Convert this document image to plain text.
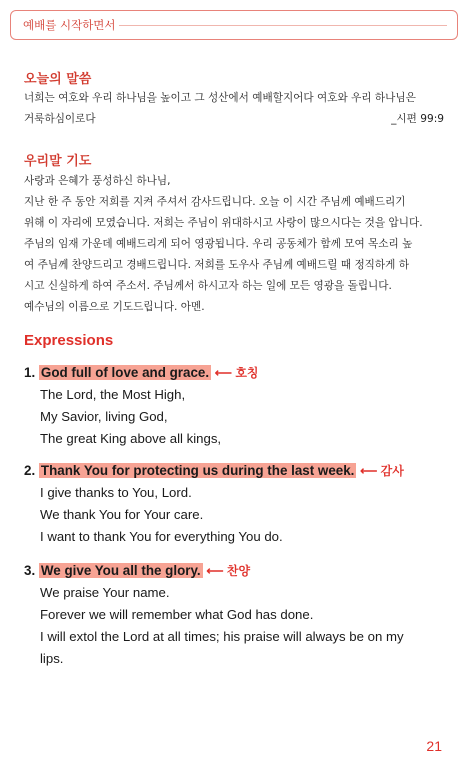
예배를 시작하면서
오늘의 말씀
너희는 여호와 우리 하나님을 높이고 그 성산에서 예배할지어다 여호와 우리 하나님은
거룩하심이로다	_시편 99:9
우리말 기도
사랑과 은혜가 풍성하신 하나님,
지난 한 주 동안 저희를 지켜 주셔서 감사드립니다. 오늘 이 시간 주님께 예배드리기
위해 이 자리에 모였습니다. 저희는 주님이 위대하시고 사랑이 많으시다는 것을 압니다.
주님의 임재 가운데 예배드리게 되어 영광됩니다. 우리 공동체가 함께 모여 목소리 높
여 주님께 찬양드리고 경배드립니다. 저희를 도우사 주님께 예배드릴 때 정직하게 하
시고 신실하게 하여 주소서. 주님께서 하시고자 하는 일에 모든 영광을 돌립니다.
예수님의 이름으로 기도드립니다. 아멘.
Expressions
1. God full of love and grace. ⟵ 호칭
The Lord, the Most High,
My Savior, living God,
The great King above all kings,
2. Thank You for protecting us during the last week. ⟵ 감사
I give thanks to You, Lord.
We thank You for Your care.
I want to thank You for everything You do.
3. We give You all the glory. ⟵ 찬양
We praise Your name.
Forever we will remember what God has done.
I will extol the Lord at all times; his praise will always be on my
lips.
21
